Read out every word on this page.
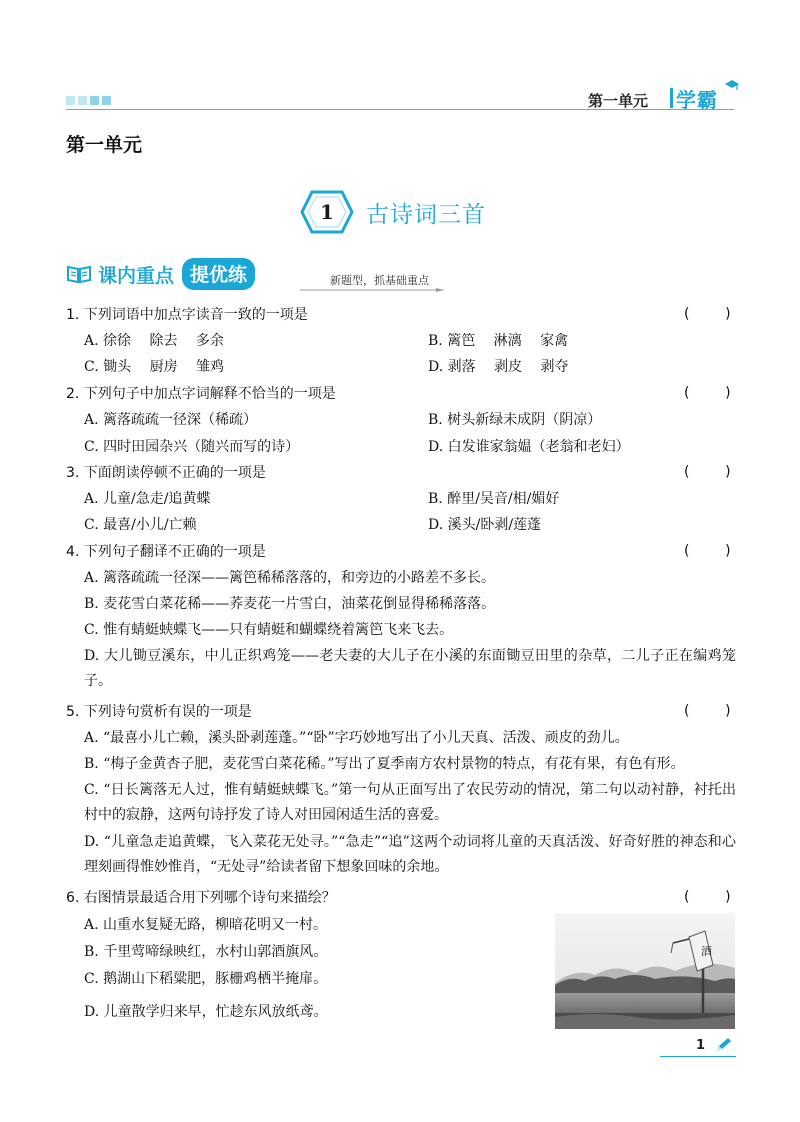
第一单元 学霸
第一单元
1	古诗词三首
课内重点 提优练	新题型，抓基础重点
1. 下列词语中加点字读音一致的一项是	(        )
A. 徐徐　 除去　 多余	B. 篱笆　 淋漓　 家禽
C. 锄头　 厨房　 雏鸡	D. 剥落　 剥皮　 剥夺
2. 下列句子中加点字词解释不恰当的一项是	(        )
A. 篱落疏疏一径深（稀疏）	B. 树头新绿未成阴（阴凉）
C. 四时田园杂兴（随兴而写的诗）	D. 白发谁家翁媪（老翁和老妇）
3. 下面朗读停顿不正确的一项是	(        )
A. 儿童/急走/追黄蝶	B. 醉里/吴音/相/媚好
C. 最喜/小儿/亡赖	D. 溪头/卧剥/莲蓬
4. 下列句子翻译不正确的一项是	(        )
A. 篱落疏疏一径深——篱笆稀稀落落的，和旁边的小路差不多长。
B. 麦花雪白菜花稀——荞麦花一片雪白，油菜花倒显得稀稀落落。
C. 惟有蜻蜓蛱蝶飞——只有蜻蜓和蝴蝶绕着篱笆飞来飞去。
D. 大儿锄豆溪东，中儿正织鸡笼——老夫妻的大儿子在小溪的东面锄豆田里的杂草，二儿子正在编鸡笼子。
5. 下列诗句赏析有误的一项是	(        )
A. “最喜小儿亡赖，溪头卧剥莲蓬。”“卧”字巧妙地写出了小儿天真、活泼、顽皮的劲儿。
B. “梅子金黄杏子肥，麦花雪白菜花稀。”写出了夏季南方农村景物的特点，有花有果，有色有形。
C. “日长篱落无人过，惟有蜻蜓蛱蝶飞。”第一句从正面写出了农民劳动的情况，第二句以动衬静，衬托出村中的寂静，这两句诗抒发了诗人对田园闲适生活的喜爱。
D. “儿童急走追黄蝶，飞入菜花无处寻。”“急走”“追”这两个动词将儿童的天真活泼、好奇好胜的神态和心理刻画得惟妙惟肖，“无处寻”给读者留下想象回味的余地。
6. 右图情景最适合用下列哪个诗句来描绘？	(        )
A. 山重水复疑无路，柳暗花明又一村。
B. 千里莺啼绿映红，水村山郭酒旗风。
C. 鹅湖山下稻粱肥，豚栅鸡栖半掩扉。
D. 儿童散学归来早，忙趁东风放纸鸢。
酒
1
